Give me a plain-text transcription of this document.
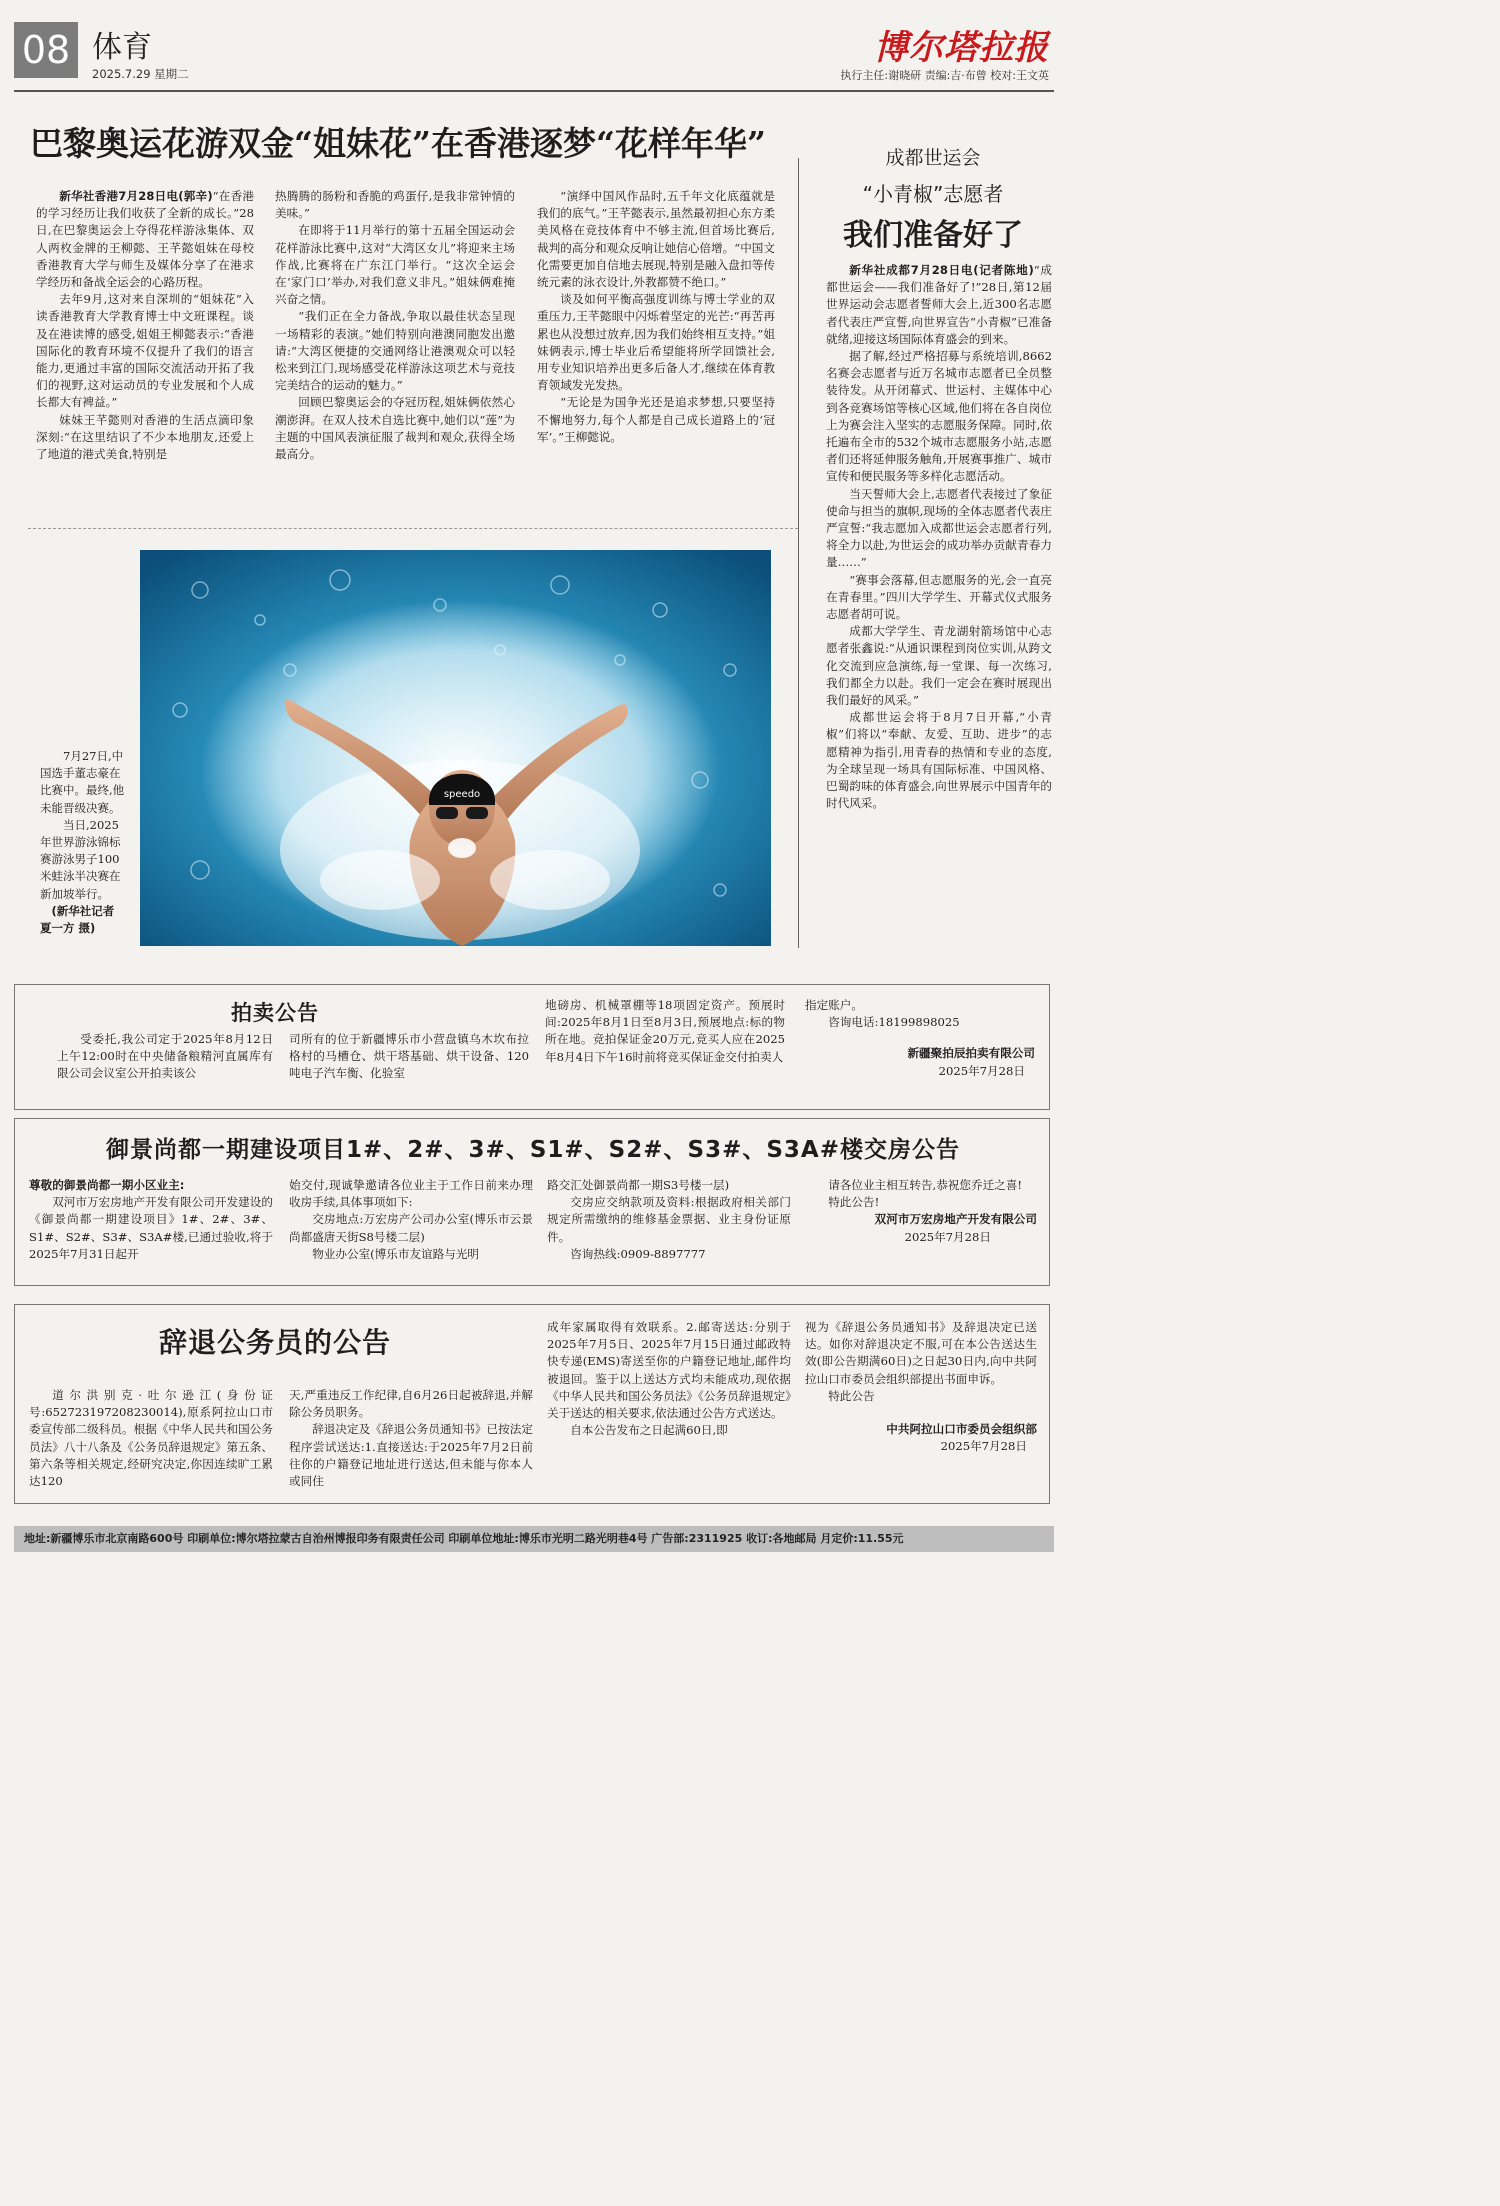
08 体育
2025.7.29 星期二
博尔塔拉报
执行主任:谢晓研 责编:吉·布曾 校对:王文英
巴黎奥运花游双金“姐妹花”在香港逐梦“花样年华”
新华社香港7月28日电(郭辛)“在香港的学习经历让我们收获了全新的成长。”28日,在巴黎奥运会上夺得花样游泳集体、双人两枚金牌的王柳懿、王芊懿姐妹在母校香港教育大学与师生及媒体分享了在港求学经历和备战全运会的心路历程。
去年9月,这对来自深圳的“姐妹花”入读香港教育大学教育博士中文班课程。谈及在港读博的感受,姐姐王柳懿表示:“香港国际化的教育环境不仅提升了我们的语言能力,更通过丰富的国际交流活动开拓了我们的视野,这对运动员的专业发展和个人成长都大有裨益。”
妹妹王芊懿则对香港的生活点滴印象深刻:“在这里结识了不少本地朋友,还爱上了地道的港式美食,特别是
热腾腾的肠粉和香脆的鸡蛋仔,是我非常钟情的美味。”
在即将于11月举行的第十五届全国运动会花样游泳比赛中,这对“大湾区女儿”将迎来主场作战,比赛将在广东江门举行。“这次全运会在‘家门口’举办,对我们意义非凡。”姐妹俩难掩兴奋之情。
“我们正在全力备战,争取以最佳状态呈现一场精彩的表演。”她们特别向港澳同胞发出邀请:“大湾区便捷的交通网络让港澳观众可以轻松来到江门,现场感受花样游泳这项艺术与竞技完美结合的运动的魅力。”
回顾巴黎奥运会的夺冠历程,姐妹俩依然心潮澎湃。在双人技术自选比赛中,她们以“莲”为主题的中国风表演征服了裁判和观众,获得全场最高分。
“演绎中国风作品时,五千年文化底蕴就是我们的底气。”王芊懿表示,虽然最初担心东方柔美风格在竞技体育中不够主流,但首场比赛后,裁判的高分和观众反响让她信心倍增。“中国文化需要更加自信地去展现,特别是融入盘扣等传统元素的泳衣设计,外教都赞不绝口。”
谈及如何平衡高强度训练与博士学业的双重压力,王芊懿眼中闪烁着坚定的光芒:“再苦再累也从没想过放弃,因为我们始终相互支持。”姐妹俩表示,博士毕业后希望能将所学回馈社会,用专业知识培养出更多后备人才,继续在体育教育领域发光发热。
“无论是为国争光还是追求梦想,只要坚持不懈地努力,每个人都是自己成长道路上的‘冠军’。”王柳懿说。
成都世运会
“小青椒”志愿者
我们准备好了
新华社成都7月28日电(记者陈地)“成都世运会——我们准备好了!”28日,第12届世界运动会志愿者誓师大会上,近300名志愿者代表庄严宣誓,向世界宣告“小青椒”已准备就绪,迎接这场国际体育盛会的到来。
据了解,经过严格招募与系统培训,8662名赛会志愿者与近万名城市志愿者已全员整装待发。从开闭幕式、世运村、主媒体中心到各竞赛场馆等核心区域,他们将在各自岗位上为赛会注入坚实的志愿服务保障。同时,依托遍布全市的532个城市志愿服务小站,志愿者们还将延伸服务触角,开展赛事推广、城市宣传和便民服务等多样化志愿活动。
当天誓师大会上,志愿者代表接过了象征使命与担当的旗帜,现场的全体志愿者代表庄严宣誓:“我志愿加入成都世运会志愿者行列,将全力以赴,为世运会的成功举办贡献青春力量……”
“赛事会落幕,但志愿服务的光,会一直亮在青春里。”四川大学学生、开幕式仪式服务志愿者胡可说。
成都大学学生、青龙湖射箭场馆中心志愿者张鑫说:“从通识课程到岗位实训,从跨文化交流到应急演练,每一堂课、每一次练习,我们都全力以赴。我们一定会在赛时展现出我们最好的风采。”
成都世运会将于8月7日开幕,“小青椒”们将以“奉献、友爱、互助、进步”的志愿精神为指引,用青春的热情和专业的态度,为全球呈现一场具有国际标准、中国风格、巴蜀韵味的体育盛会,向世界展示中国青年的时代风采。
speedo
7月27日,中国选手董志豪在比赛中。最终,他未能晋级决赛。
当日,2025年世界游泳锦标赛游泳男子100米蛙泳半决赛在新加坡举行。
(新华社记者 夏一方 摄)
拍卖公告
受委托,我公司定于2025年8月12日上午12:00时在中央储备粮精河直属库有限公司会议室公开拍卖该公
司所有的位于新疆博乐市小营盘镇乌木坎布拉格村的马槽仓、烘干塔基础、烘干设备、120吨电子汽车衡、化验室
地磅房、机械罩棚等18项固定资产。预展时间:2025年8月1日至8月3日,预展地点:标的物所在地。竞拍保证金20万元,竞买人应在2025年8月4日下午16时前将竞买保证金交付拍卖人
指定账户。
咨询电话:18199898025
新疆聚拍辰拍卖有限公司
2025年7月28日
御景尚都一期建设项目1#、2#、3#、S1#、S2#、S3#、S3A#楼交房公告
尊敬的御景尚都一期小区业主:
双河市万宏房地产开发有限公司开发建设的《御景尚都一期建设项目》1#、2#、3#、S1#、S2#、S3#、S3A#楼,已通过验收,将于2025年7月31日起开
始交付,现诚挚邀请各位业主于工作日前来办理收房手续,具体事项如下:
交房地点:万宏房产公司办公室(博乐市云景尚都盛唐天街S8号楼二层)
物业办公室(博乐市友谊路与光明
路交汇处御景尚都一期S3号楼一层)
交房应交纳款项及资料:根据政府相关部门规定所需缴纳的维修基金票据、业主身份证原件。
咨询热线:0909-8897777
请各位业主相互转告,恭祝您乔迁之喜!
特此公告!
双河市万宏房地产开发有限公司
2025年7月28日
辞退公务员的公告
道尔洪别克·吐尔逊江(身份证号:652723197208230014),原系阿拉山口市委宣传部二级科员。根据《中华人民共和国公务员法》八十八条及《公务员辞退规定》第五条、第六条等相关规定,经研究决定,你因连续旷工累达120
天,严重违反工作纪律,自6月26日起被辞退,并解除公务员职务。
辞退决定及《辞退公务员通知书》已按法定程序尝试送达:1.直接送达:于2025年7月2日前往你的户籍登记地址进行送达,但未能与你本人或同住
成年家属取得有效联系。2.邮寄送达:分别于2025年7月5日、2025年7月15日通过邮政特快专递(EMS)寄送至你的户籍登记地址,邮件均被退回。鉴于以上送达方式均未能成功,现依据《中华人民共和国公务员法》《公务员辞退规定》关于送达的相关要求,依法通过公告方式送达。
自本公告发布之日起满60日,即
视为《辞退公务员通知书》及辞退决定已送达。如你对辞退决定不服,可在本公告送达生效(即公告期满60日)之日起30日内,向中共阿拉山口市委员会组织部提出书面申诉。
特此公告
中共阿拉山口市委员会组织部
2025年7月28日
地址:新疆博乐市北京南路600号 印刷单位:博尔塔拉蒙古自治州博报印务有限责任公司 印刷单位地址:博乐市光明二路光明巷4号 广告部:2311925 收订:各地邮局 月定价:11.55元
